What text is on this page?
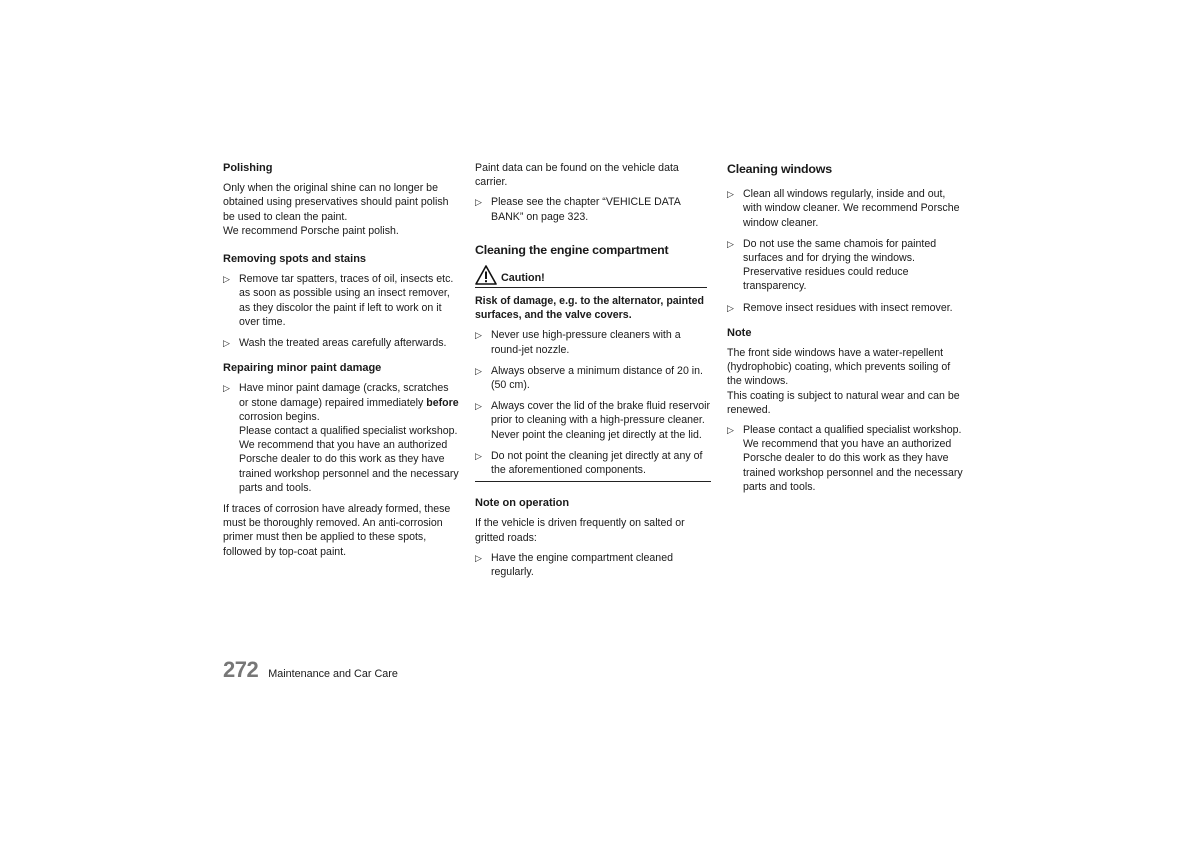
Polishing

Only when the original shine can no longer be obtained using preservatives should paint polish be used to clean the paint.

We recommend Porsche paint polish.

Removing spots and stains

▷ Remove tar spatters, traces of oil, insects etc. as soon as possible using an insect remover, as they discolor the paint if left to work on it over time.
▷ Wash the treated areas carefully afterwards.

Repairing minor paint damage

▷ Have minor paint damage (cracks, scratches or stone damage) repaired immediately before corrosion begins.
Please contact a qualified specialist workshop. We recommend that you have an authorized Porsche dealer to do this work as they have trained workshop personnel and the necessary parts and tools.

If traces of corrosion have already formed, these must be thoroughly removed. An anti-corrosion primer must then be applied to these spots, followed by top-coat paint.

Paint data can be found on the vehicle data carrier.

▷ Please see the chapter “VEHICLE DATA BANK” on page 323.

Cleaning the engine compartment

Caution!

Risk of damage, e.g. to the alternator, painted surfaces, and the valve covers.

▷ Never use high-pressure cleaners with a round-jet nozzle.
▷ Always observe a minimum distance of 20 in. (50 cm).
▷ Always cover the lid of the brake fluid reservoir prior to cleaning with a high-pressure cleaner. Never point the cleaning jet directly at the lid.
▷ Do not point the cleaning jet directly at any of the aforementioned components.

Note on operation

If the vehicle is driven frequently on salted or gritted roads:

▷ Have the engine compartment cleaned regularly.

Cleaning windows

▷ Clean all windows regularly, inside and out, with window cleaner. We recommend Porsche window cleaner.
▷ Do not use the same chamois for painted surfaces and for drying the windows. Preservative residues could reduce transparency.
▷ Remove insect residues with insect remover.

Note

The front side windows have a water-repellent (hydrophobic) coating, which prevents soiling of the windows.

This coating is subject to natural wear and can be renewed.

▷ Please contact a qualified specialist workshop. We recommend that you have an authorized Porsche dealer to do this work as they have trained workshop personnel and the necessary parts and tools.
272 Maintenance and Car Care
